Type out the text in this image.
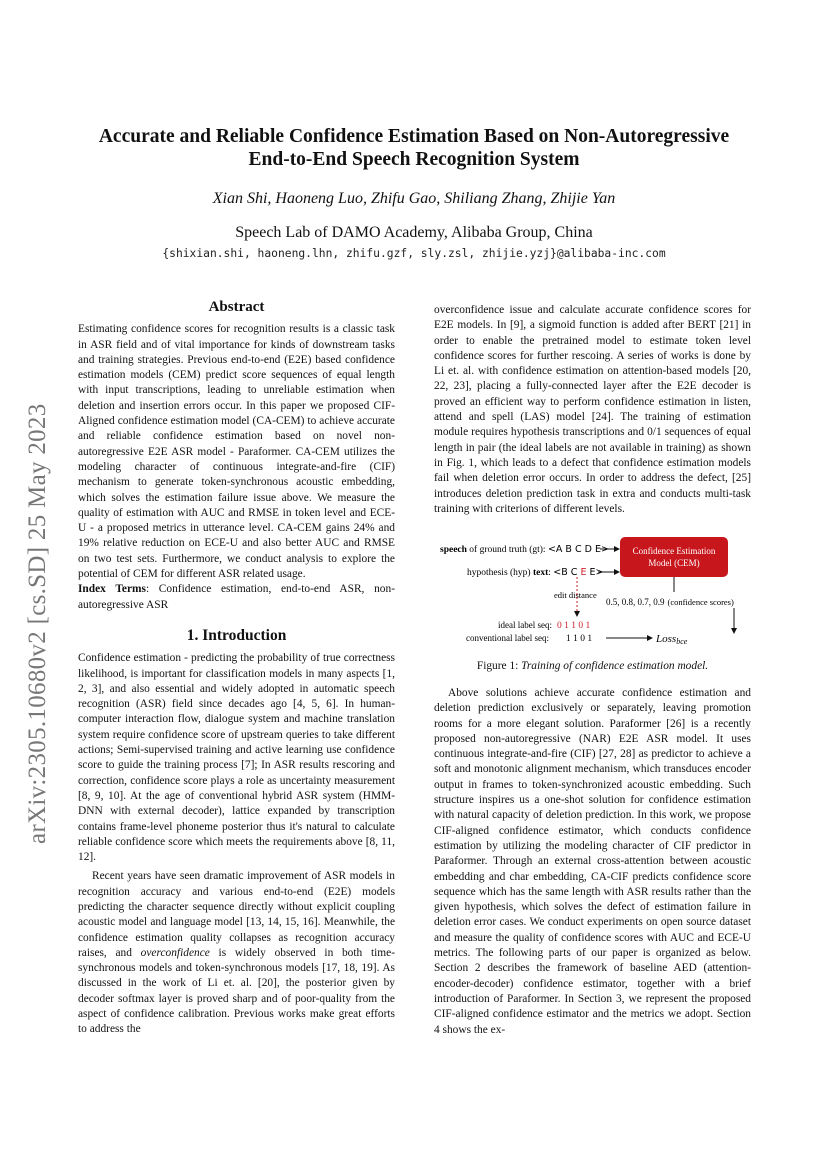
arXiv:2305.10680v2 [cs.SD] 25 May 2023
Accurate and Reliable Confidence Estimation Based on Non-Autoregressive
End-to-End Speech Recognition System
Xian Shi, Haoneng Luo, Zhifu Gao, Shiliang Zhang, Zhijie Yan
Speech Lab of DAMO Academy, Alibaba Group, China
{shixian.shi, haoneng.lhn, zhifu.gzf, sly.zsl, zhijie.yzj}@alibaba-inc.com
Abstract

Estimating confidence scores for recognition results is a classic task in ASR field and of vital importance for kinds of downstream tasks and training strategies. Previous end-to-end (E2E) based confidence estimation models (CEM) predict score sequences of equal length with input transcriptions, leading to unreliable estimation when deletion and insertion errors occur. In this paper we proposed CIF-Aligned confidence estimation model (CA-CEM) to achieve accurate and reliable confidence estimation based on novel non-autoregressive E2E ASR model - Paraformer. CA-CEM utilizes the modeling character of continuous integrate-and-fire (CIF) mechanism to generate token-synchronous acoustic embedding, which solves the estimation failure issue above. We measure the quality of estimation with AUC and RMSE in token level and ECE-U - a proposed metrics in utterance level. CA-CEM gains 24% and 19% relative reduction on ECE-U and also better AUC and RMSE on two test sets. Furthermore, we conduct analysis to explore the potential of CEM for different ASR related usage.

Index Terms: Confidence estimation, end-to-end ASR, non-autoregressive ASR

1. Introduction

Confidence estimation - predicting the probability of true correctness likelihood, is important for classification models in many aspects [1, 2, 3], and also essential and widely adopted in automatic speech recognition (ASR) field since decades ago [4, 5, 6]. In human-computer interaction flow, dialogue system and machine translation system require confidence score of upstream queries to take different actions; Semi-supervised training and active learning use confidence score to guide the training process [7]; In ASR results rescoring and correction, confidence score plays a role as uncertainty measurement [8, 9, 10]. At the age of conventional hybrid ASR system (HMM-DNN with external decoder), lattice expanded by transcription contains frame-level phoneme posterior thus it's natural to calculate reliable confidence score which meets the requirements above [8, 11, 12].

Recent years have seen dramatic improvement of ASR models in recognition accuracy and various end-to-end (E2E) models predicting the character sequence directly without explicit coupling acoustic model and language model [13, 14, 15, 16]. Meanwhile, the confidence estimation quality collapses as recognition accuracy raises, and overconfidence is widely observed in both time-synchronous models and token-synchronous models [17, 18, 19]. As discussed in the work of Li et. al. [20], the posterior given by decoder softmax layer is proved sharp and of poor-quality from the aspect of confidence calibration. Previous works make great efforts to address the

overconfidence issue and calculate accurate confidence scores for E2E models. In [9], a sigmoid function is added after BERT [21] in order to enable the pretrained model to estimate token level confidence scores for further rescoing. A series of works is done by Li et. al. with confidence estimation on attention-based models [20, 22, 23], placing a fully-connected layer after the E2E decoder is proved an efficient way to perform confidence estimation in listen, attend and spell (LAS) model [24]. The training of estimation module requires hypothesis transcriptions and 0/1 sequences of equal length in pair (the ideal labels are not available in training) as shown in Fig. 1, which leads to a defect that confidence estimation models fail when deletion error occurs. In order to address the defect, [25] introduces deletion prediction task in extra and conducts multi-task training with criterions of different levels.

speech of ground truth (gt): <A B C D E>
hypothesis (hyp) text: <B C E E>
Confidence Estimation
Model (CEM)
0.5, 0.8, 0.7, 0.9 (confidence scores)
edit distance
ideal label seq: 0 1 1 0 1
conventional label seq: 1 1 0 1	Lossbce
Figure 1: Training of confidence estimation model.

Above solutions achieve accurate confidence estimation and deletion prediction exclusively or separately, leaving promotion rooms for a more elegant solution. Paraformer [26] is a recently proposed non-autoregressive (NAR) E2E ASR model. It uses continuous integrate-and-fire (CIF) [27, 28] as predictor to achieve a soft and monotonic alignment mechanism, which transduces encoder output in frames to token-synchronized acoustic embedding. Such structure inspires us a one-shot solution for confidence estimation with natural capacity of deletion prediction. In this work, we propose CIF-aligned confidence estimator, which conducts confidence estimation by utilizing the modeling character of CIF predictor in Paraformer. Through an external cross-attention between acoustic embedding and char embedding, CA-CIF predicts confidence score sequence which has the same length with ASR results rather than the given hypothesis, which solves the defect of estimation failure in deletion error cases. We conduct experiments on open source dataset and measure the quality of confidence scores with AUC and ECE-U metrics. The following parts of our paper is organized as below. Section 2 describes the framework of baseline AED (attention-encoder-decoder) confidence estimator, together with a brief introduction of Paraformer. In Section 3, we represent the proposed CIF-aligned confidence estimator and the metrics we adopt. Section 4 shows the ex-
